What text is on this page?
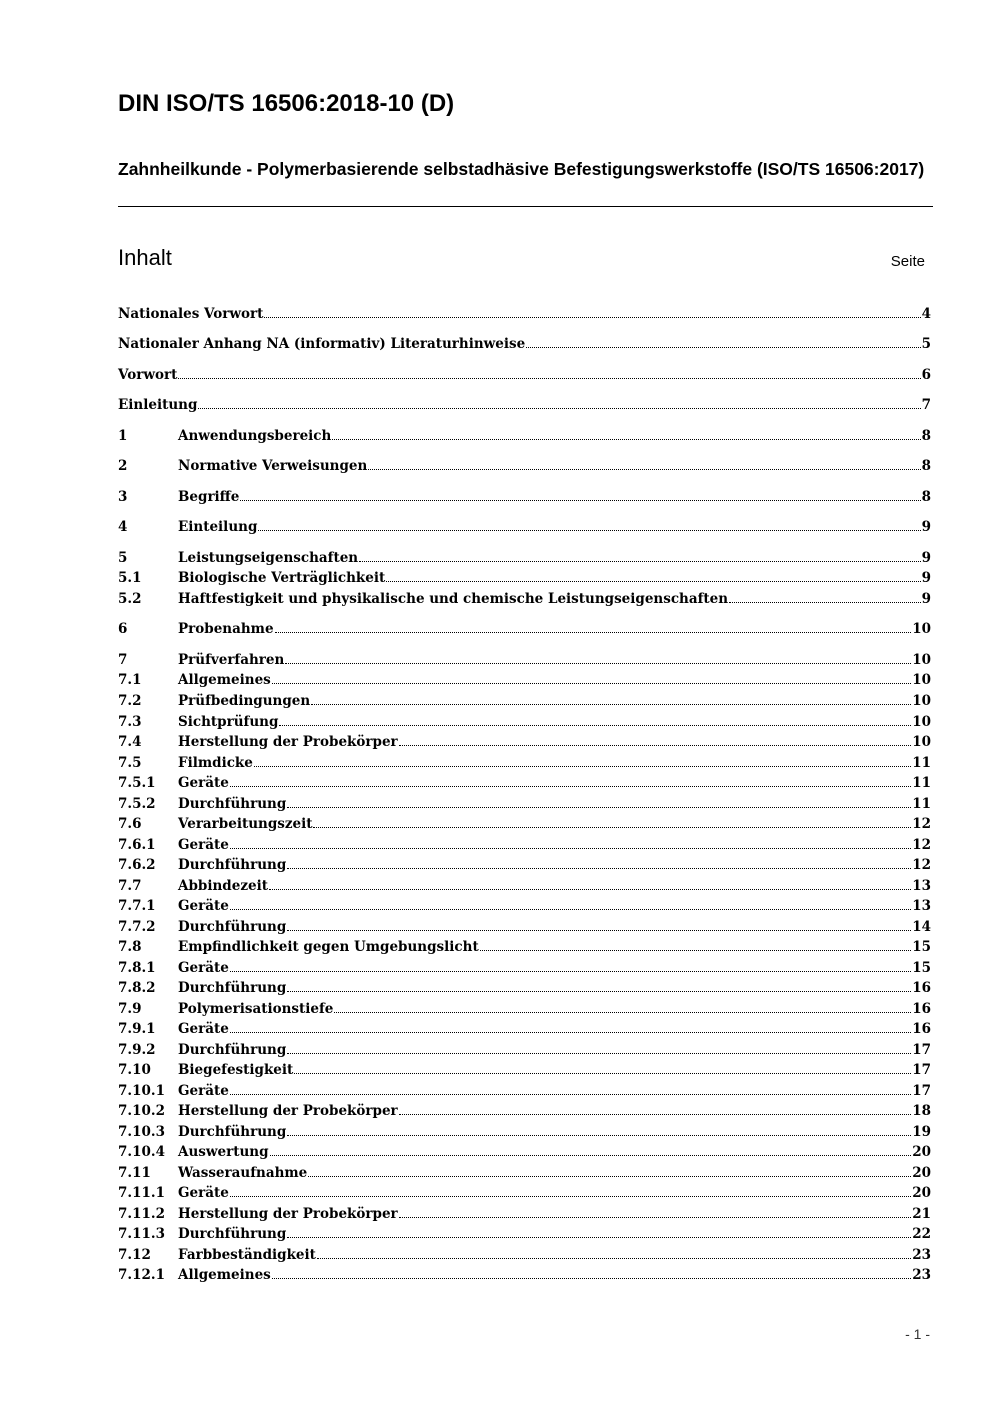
DIN ISO/TS 16506:2018-10 (D)

Zahnheilkunde - Polymerbasierende selbstadhäsive Befestigungswerkstoffe (ISO/TS 16506:2017)

Inhalt	Seite
Nationales Vorwort	4
Nationaler Anhang NA (informativ) Literaturhinweise	5
Vorwort	6
Einleitung	7
1	Anwendungsbereich	8
2	Normative Verweisungen	8
3	Begriffe	8
4	Einteilung	9
5	Leistungseigenschaften	9
5.1	Biologische Verträglichkeit	9
5.2	Haftfestigkeit und physikalische und chemische Leistungseigenschaften	9
6	Probenahme	10
7	Prüfverfahren	10
7.1	Allgemeines	10
7.2	Prüfbedingungen	10
7.3	Sichtprüfung	10
7.4	Herstellung der Probekörper	10
7.5	Filmdicke	11
7.5.1	Geräte	11
7.5.2	Durchführung	11
7.6	Verarbeitungszeit	12
7.6.1	Geräte	12
7.6.2	Durchführung	12
7.7	Abbindezeit	13
7.7.1	Geräte	13
7.7.2	Durchführung	14
7.8	Empfindlichkeit gegen Umgebungslicht	15
7.8.1	Geräte	15
7.8.2	Durchführung	16
7.9	Polymerisationstiefe	16
7.9.1	Geräte	16
7.9.2	Durchführung	17
7.10	Biegefestigkeit	17
7.10.1 Geräte	17
7.10.2 Herstellung der Probekörper	18
7.10.3 Durchführung	19
7.10.4 Auswertung	20
7.11	Wasseraufnahme	20
7.11.1 Geräte	20
7.11.2 Herstellung der Probekörper	21
7.11.3 Durchführung	22
7.12	Farbbeständigkeit	23
7.12.1 Allgemeines	23
- 1 -
